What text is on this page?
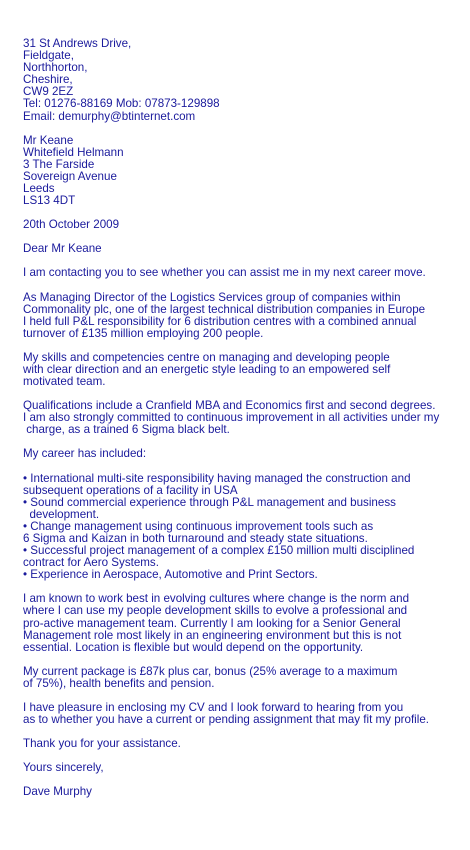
31 St Andrews Drive,
Fieldgate,
Northhorton,
Cheshire,
CW9 2EZ
Tel: 01276-88169 Mob: 07873-129898
Email: demurphy@btinternet.com
Mr Keane
Whitefield Helmann
3 The Farside
Sovereign Avenue
Leeds
LS13 4DT
20th October 2009
Dear Mr Keane
I am contacting you to see whether you can assist me in my next career move.
As Managing Director of the Logistics Services group of companies within
Commonality plc, one of the largest technical distribution companies in Europe
I held full P&L responsibility for 6 distribution centres with a combined annual
turnover of £135 million employing 200 people.
My skills and competencies centre on managing and developing people
with clear direction and an energetic style leading to an empowered self
motivated team.
Qualifications include a Cranfield MBA and Economics first and second degrees.
I am also strongly committed to continuous improvement in all activities under my
charge, as a trained 6 Sigma black belt.
My career has included:
• International multi-site responsibility having managed the construction and
subsequent operations of a facility in USA
• Sound commercial experience through P&L management and business
development.
• Change management using continuous improvement tools such as
6 Sigma and Kaizan in both turnaround and steady state situations.
• Successful project management of a complex £150 million multi disciplined
contract for Aero Systems.
• Experience in Aerospace, Automotive and Print Sectors.
I am known to work best in evolving cultures where change is the norm and
where I can use my people development skills to evolve a professional and
pro-active management team. Currently I am looking for a Senior General
Management role most likely in an engineering environment but this is not
essential. Location is flexible but would depend on the opportunity.
My current package is £87k plus car, bonus (25% average to a maximum
of 75%), health benefits and pension.
I have pleasure in enclosing my CV and I look forward to hearing from you
as to whether you have a current or pending assignment that may fit my profile.
Thank you for your assistance.
Yours sincerely,
Dave Murphy
